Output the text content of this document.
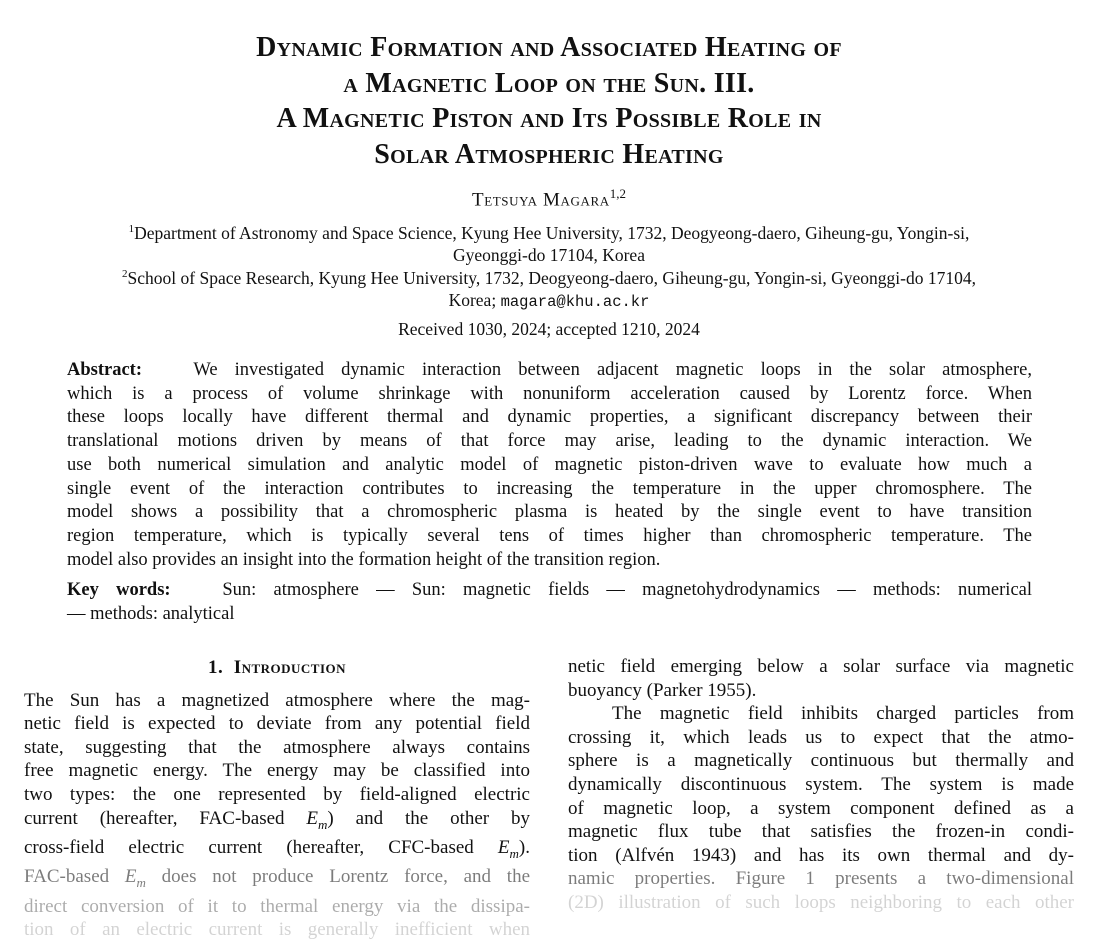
Dynamic Formation and Associated Heating of
a Magnetic Loop on the Sun. III.
A Magnetic Piston and Its Possible Role in
Solar Atmospheric Heating
Tetsuya Magara$^{1,2}$
$^1$Department of Astronomy and Space Science, Kyung Hee University, 1732, Deogyeong-daero, Giheung-gu, Yongin-si,
Gyeonggi-do 17104, Korea
$^2$School of Space Research, Kyung Hee University, 1732, Deogyeong-daero, Giheung-gu, Yongin-si, Gyeonggi-do 17104,
Korea; magara@khu.ac.kr
Received 1030, 2024; accepted 1210, 2024
Abstract:	We investigated dynamic interaction between adjacent magnetic loops in the solar atmosphere,
which is a process of volume shrinkage with nonuniform acceleration caused by Lorentz force. When
these loops locally have different thermal and dynamic properties, a significant discrepancy between their
translational motions driven by means of that force may arise, leading to the dynamic interaction. We
use both numerical simulation and analytic model of magnetic piston-driven wave to evaluate how much a
single event of the interaction contributes to increasing the temperature in the upper chromosphere. The
model shows a possibility that a chromospheric plasma is heated by the single event to have transition
region temperature, which is typically several tens of times higher than chromospheric temperature. The
model also provides an insight into the formation height of the transition region.
Key words:	Sun: atmosphere — Sun: magnetic fields — magnetohydrodynamics — methods: numerical
— methods: analytical
1. Introduction
The Sun has a magnetized atmosphere where the mag-
netic field is expected to deviate from any potential field
state, suggesting that the atmosphere always contains
free magnetic energy. The energy may be classified into
two types: the one represented by field-aligned electric
current (hereafter, FAC-based $E_m$) and the other by
cross-field electric current (hereafter, CFC-based $E_m$).
FAC-based $E_m$ does not produce Lorentz force, and the
direct conversion of it to thermal energy via the dissipa-
tion of an electric current is generally inefficient when
netic field emerging below a solar surface via magnetic
buoyancy (Parker 1955).
The magnetic field inhibits charged particles from
crossing it, which leads us to expect that the atmo-
sphere is a magnetically continuous but thermally and
dynamically discontinuous system. The system is made
of magnetic loop, a system component defined as a
magnetic flux tube that satisfies the frozen-in condi-
tion (Alfvén 1943) and has its own thermal and dy-
namic properties. Figure 1 presents a two-dimensional
(2D) illustration of such loops neighboring to each other
